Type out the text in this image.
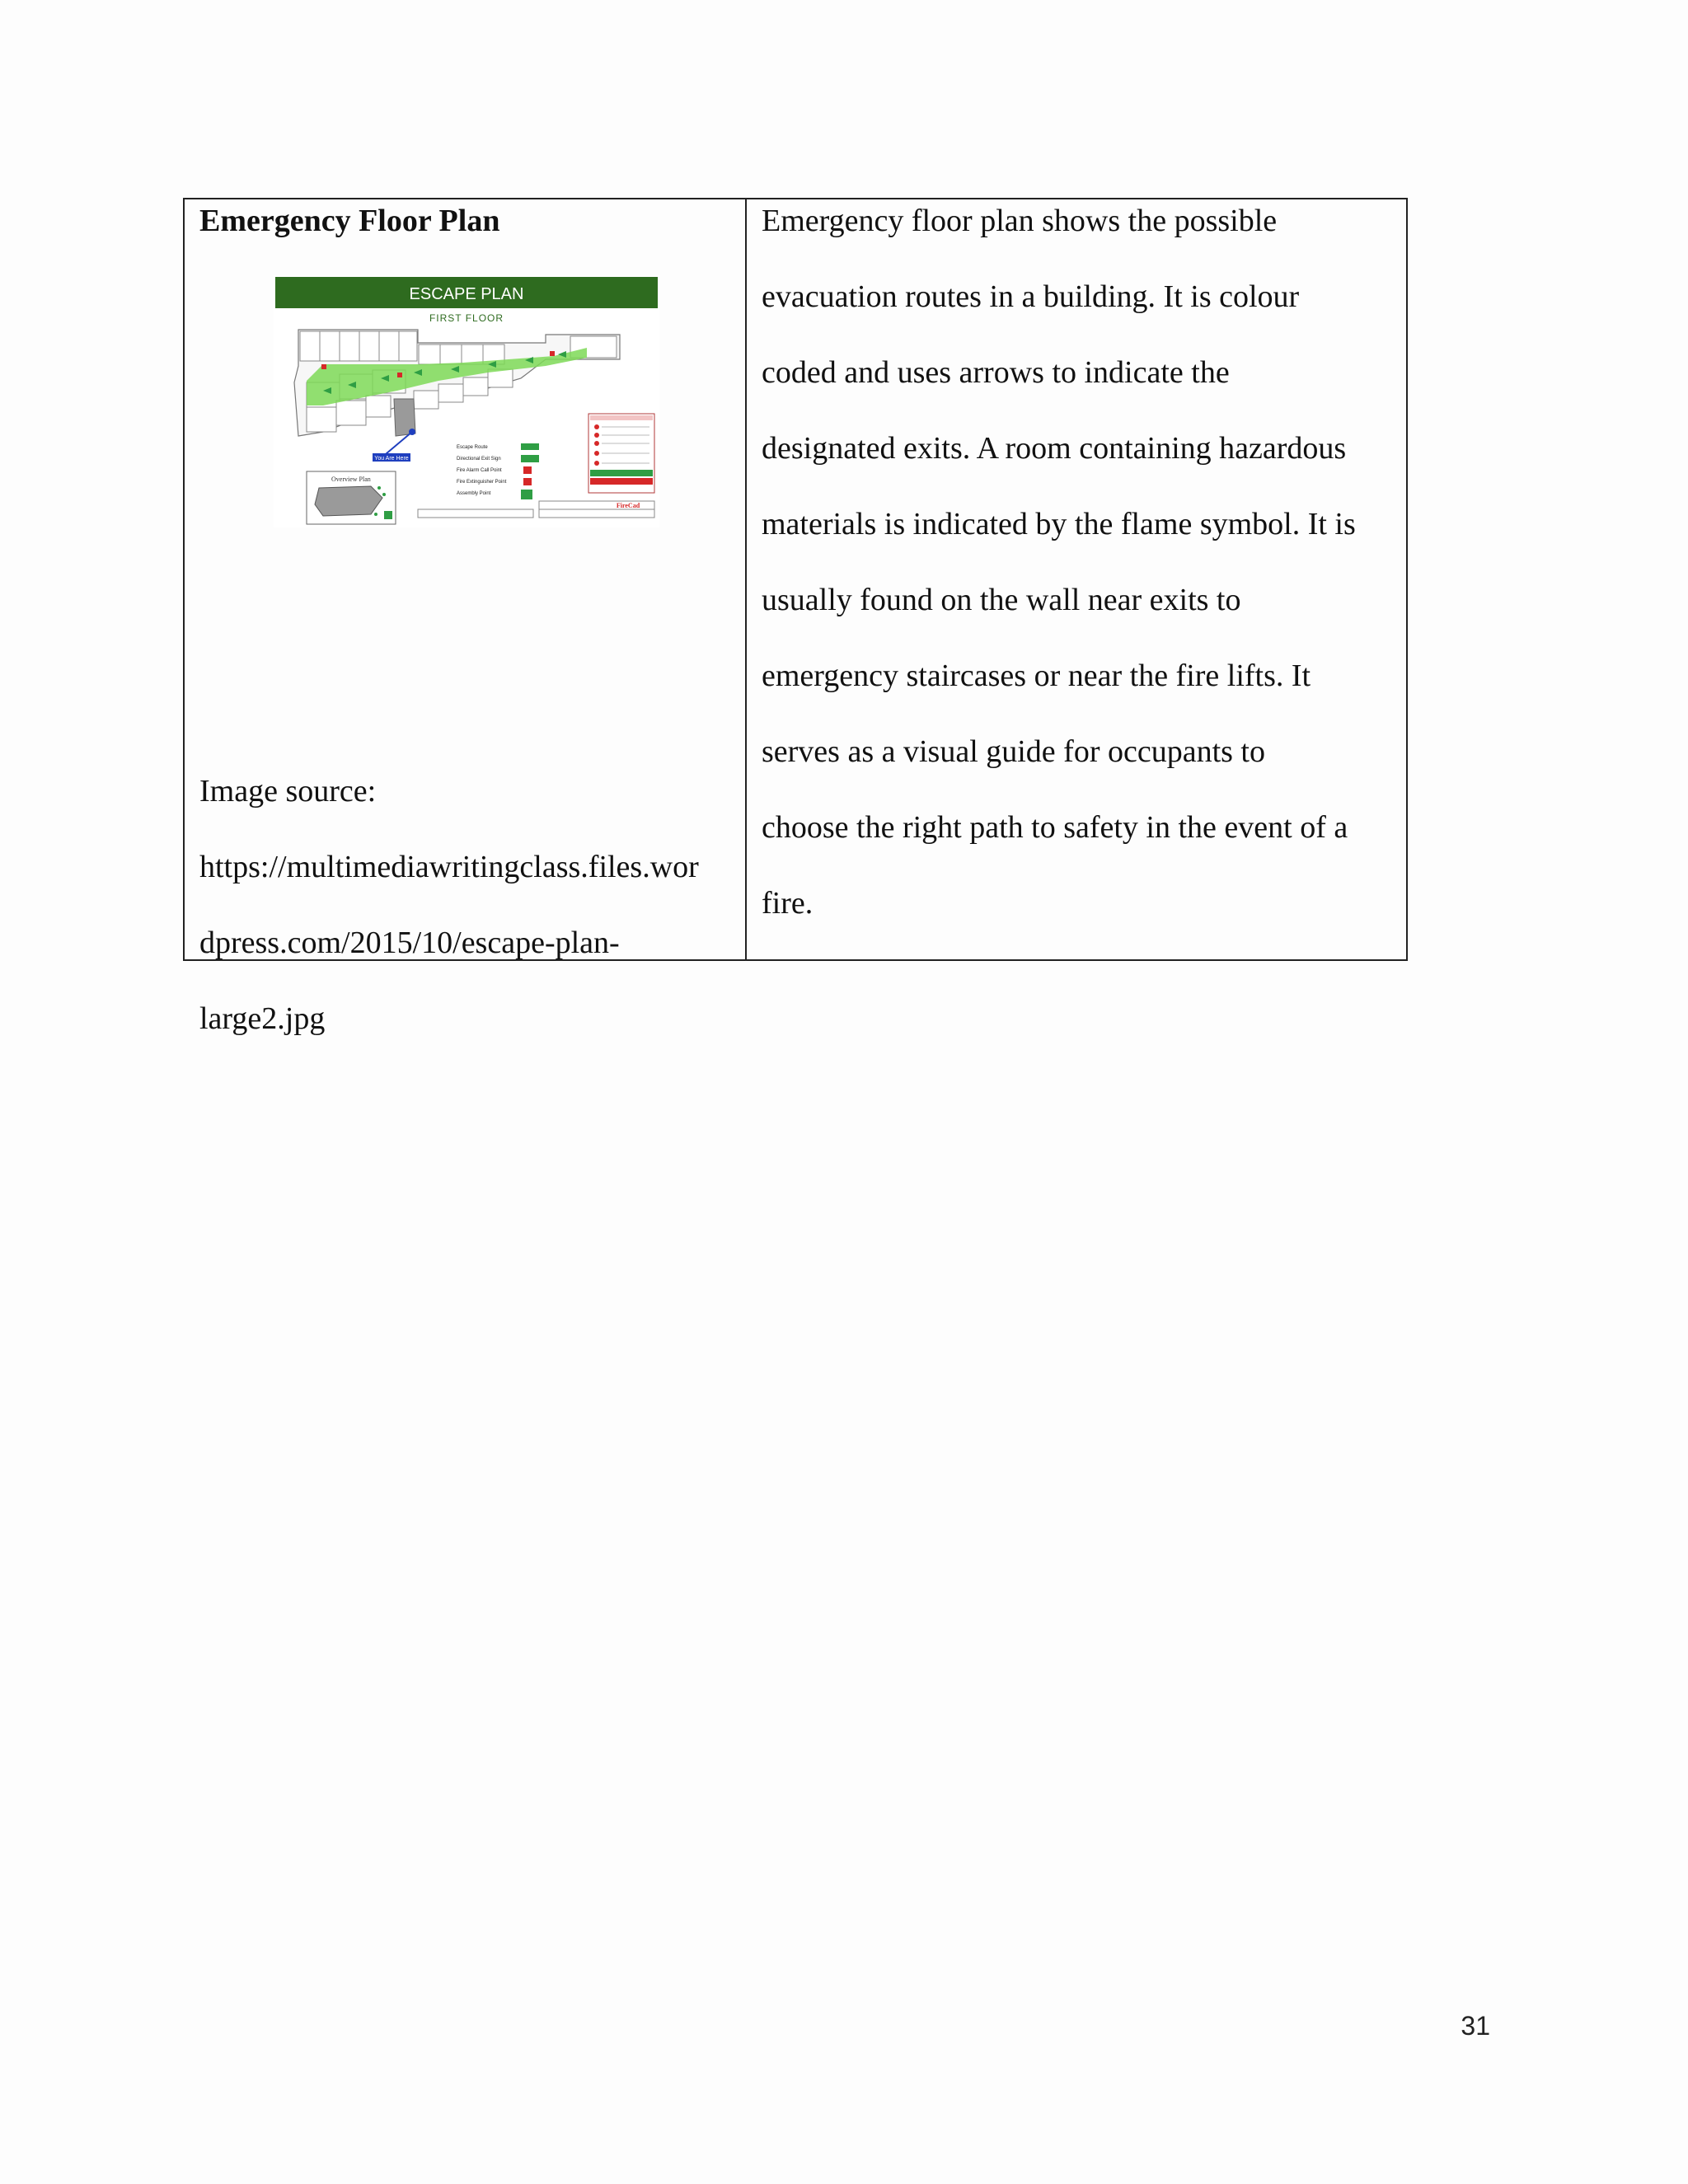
Emergency Floor Plan
ESCAPE PLAN
FIRST FLOOR
You Are Here
Overview Plan
Escape Route
Directional Exit Sign
Fire Alarm Call Point
Fire Extinguisher Point
Assembly Point
FireCad
Image source:
https://multimediawritingclass.files.wor
dpress.com/2015/10/escape-plan-
large2.jpg
Emergency floor plan shows the possible
evacuation routes in a building. It is colour
coded and uses arrows to indicate the
designated exits. A room containing hazardous
materials is indicated by the flame symbol. It is
usually found on the wall near exits to
emergency staircases or near the fire lifts. It
serves as a visual guide for occupants to
choose the right path to safety in the event of a
fire.
31
